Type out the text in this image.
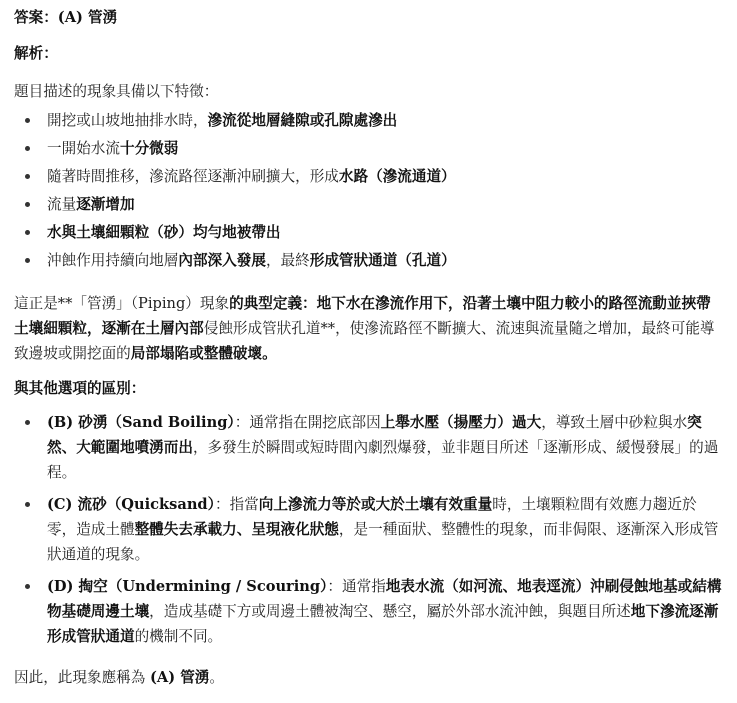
答案：(A) 管湧

解析：

題目描述的現象具備以下特徵：

開挖或山坡地抽排水時，滲流從地層縫隙或孔隙處滲出
一開始水流十分微弱
隨著時間推移，滲流路徑逐漸沖刷擴大，形成水路（滲流通道）
流量逐漸增加
水與土壤細顆粒（砂）均勻地被帶出
沖蝕作用持續向地層內部深入發展，最終形成管狀通道（孔道）

這正是**「管湧」（Piping）現象的典型定義：地下水在滲流作用下，沿著土壤中阻力較小的路徑流動並挾帶土壤細顆粒，逐漸在土層內部侵蝕形成管狀孔道**，使滲流路徑不斷擴大、流速與流量隨之增加，最終可能導致邊坡或開挖面的局部塌陷或整體破壞。

與其他選項的區別：

(B) 砂湧（Sand Boiling）：通常指在開挖底部因上舉水壓（揚壓力）過大，導致土層中砂粒與水突然、大範圍地噴湧而出，多發生於瞬間或短時間內劇烈爆發，並非題目所述「逐漸形成、緩慢發展」的過程。
(C) 流砂（Quicksand）：指當向上滲流力等於或大於土壤有效重量時，土壤顆粒間有效應力趨近於零，造成土體整體失去承載力、呈現液化狀態，是一種面狀、整體性的現象，而非侷限、逐漸深入形成管狀通道的現象。
(D) 掏空（Undermining / Scouring）：通常指地表水流（如河流、地表逕流）沖刷侵蝕地基或結構物基礎周邊土壤，造成基礎下方或周邊土體被淘空、懸空，屬於外部水流沖蝕，與題目所述地下滲流逐漸形成管狀通道的機制不同。

因此，此現象應稱為 (A) 管湧。
